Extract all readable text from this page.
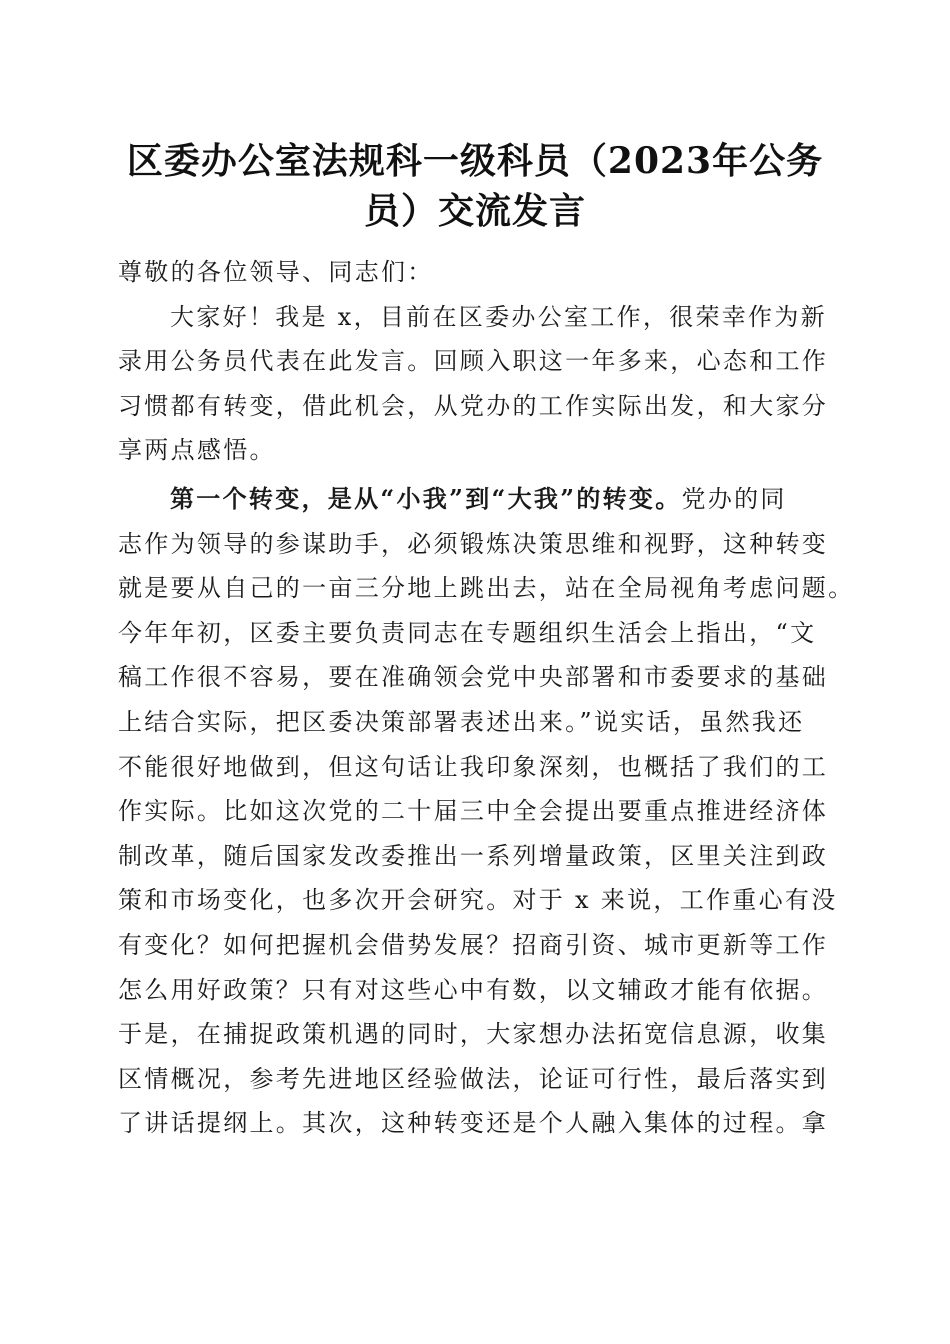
区委办公室法规科一级科员（2023年公务
员）交流发言
尊敬的各位领导、同志们：
大家好！我是 x，目前在区委办公室工作，很荣幸作为新
录用公务员代表在此发言。回顾入职这一年多来，心态和工作
习惯都有转变，借此机会，从党办的工作实际出发，和大家分
享两点感悟。
第一个转变，是从“小我”到“大我”的转变。党办的同
志作为领导的参谋助手，必须锻炼决策思维和视野，这种转变
就是要从自己的一亩三分地上跳出去，站在全局视角考虑问题。
今年年初，区委主要负责同志在专题组织生活会上指出，“文
稿工作很不容易，要在准确领会党中央部署和市委要求的基础
上结合实际，把区委决策部署表述出来。”说实话，虽然我还
不能很好地做到，但这句话让我印象深刻，也概括了我们的工
作实际。比如这次党的二十届三中全会提出要重点推进经济体
制改革，随后国家发改委推出一系列增量政策，区里关注到政
策和市场变化，也多次开会研究。对于 x 来说，工作重心有没
有变化？如何把握机会借势发展？招商引资、城市更新等工作
怎么用好政策？只有对这些心中有数，以文辅政才能有依据。
于是，在捕捉政策机遇的同时，大家想办法拓宽信息源，收集
区情概况，参考先进地区经验做法，论证可行性，最后落实到
了讲话提纲上。其次，这种转变还是个人融入集体的过程。拿
